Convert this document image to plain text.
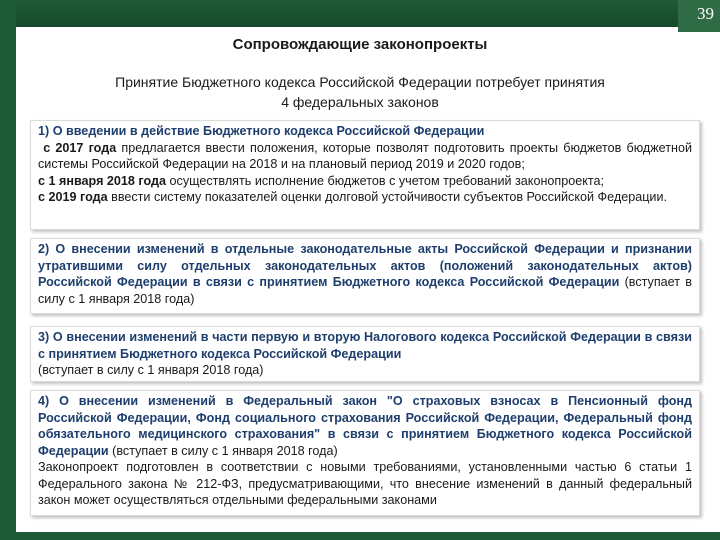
39
Сопровождающие законопроекты
Принятие Бюджетного кодекса Российской Федерации потребует принятия
4 федеральных законов

1) О введении в действие Бюджетного кодекса Российской Федерации

с 2017 года предлагается ввести положения, которые позволят подготовить проекты бюджетов бюджетной системы Российской Федерации на 2018 и на плановый период 2019 и 2020 годов;

с 1 января 2018 года осуществлять исполнение бюджетов с учетом требований законопроекта;

с 2019 года ввести систему показателей оценки долговой устойчивости субъектов Российской Федерации.

2) О внесении изменений в отдельные законодательные акты Российской Федерации и признании утратившими силу отдельных законодательных актов (положений законодательных актов) Российской Федерации в связи с принятием Бюджетного кодекса Российской Федерации (вступает в силу с 1 января 2018 года)

3) О внесении изменений в части первую и вторую Налогового кодекса Российской Федерации в связи с принятием Бюджетного кодекса Российской Федерации

(вступает в силу с 1 января 2018 года)

4) О внесении изменений в Федеральный закон "О страховых взносах в Пенсионный фонд Российской Федерации, Фонд социального страхования Российской Федерации, Федеральный фонд обязательного медицинского страхования" в связи с принятием Бюджетного кодекса Российской Федерации (вступает в силу с 1 января 2018 года)

Законопроект подготовлен в соответствии с новыми требованиями, установленными частью 6 статьи 1 Федерального закона № 212-ФЗ, предусматривающими, что внесение изменений в данный федеральный закон может осуществляться отдельными федеральными законами
